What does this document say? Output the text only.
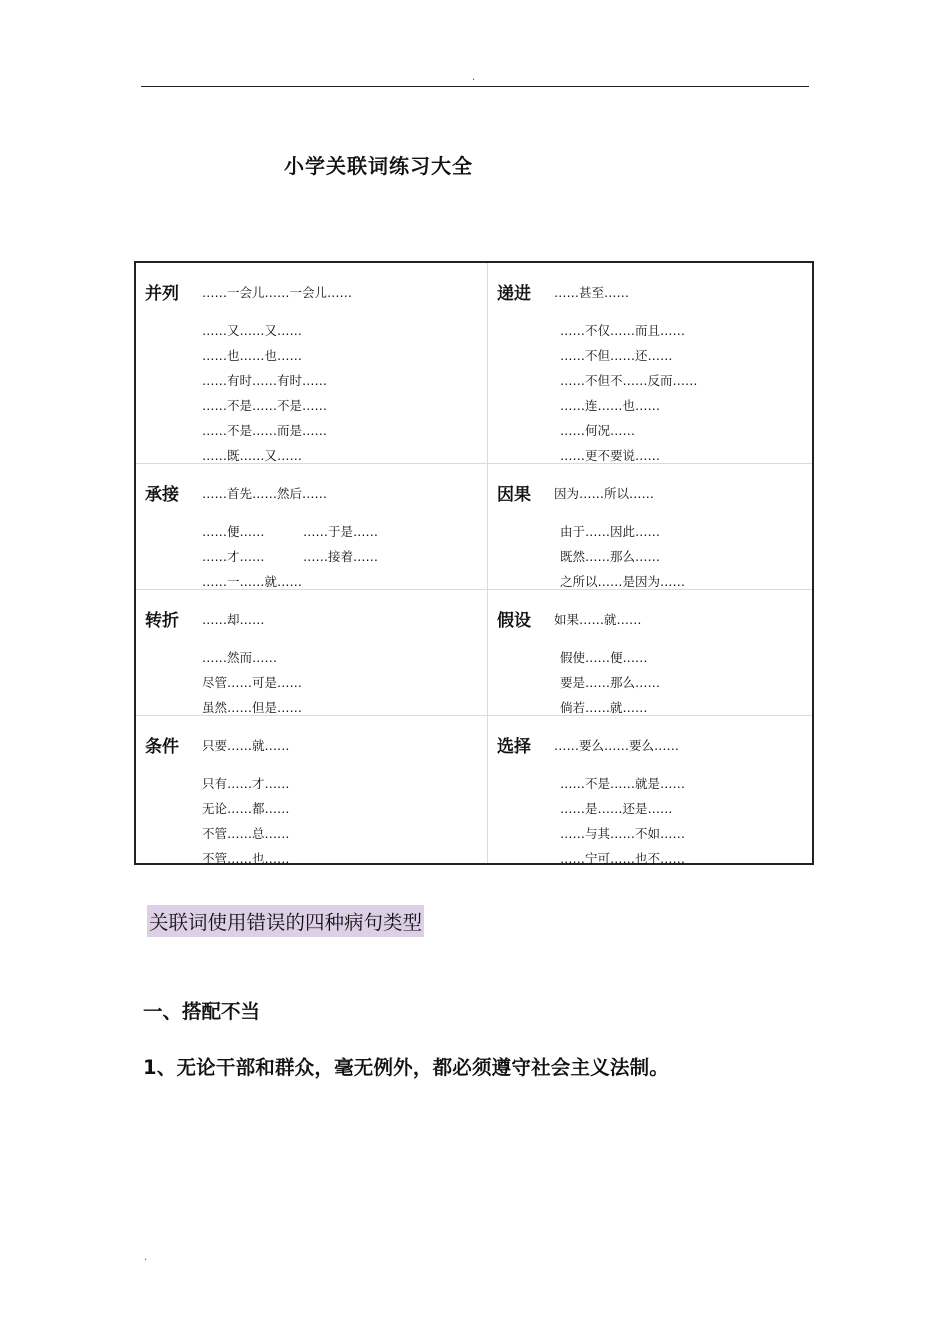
.
小学关联词练习大全
并列 ……一会儿……一会儿……
……又……又……
……也……也……
……有时……有时……
……不是……不是……
……不是……而是……
……既……又……
递进 ……甚至……
……不仅……而且……
……不但……还……
……不但不……反而……
……连……也……
……何况……
……更不要说……
承接 ……首先……然后……
……便……	……于是……
……才……	……接着……
……一……就……
因果 因为……所以……
由于……因此……
既然……那么……
之所以……是因为……
转折 ……却……
……然而……
尽管……可是……
虽然……但是……
假设 如果……就……
假使……便……
要是……那么……
倘若……就……
条件 只要……就……
只有……才……
无论……都……
不管……总……
不管……也……
选择 ……要么……要么……
……不是……就是……
……是……还是……
……与其……不如……
……宁可……也不……
关联词使用错误的四种病句类型
一、搭配不当
1、无论干部和群众，毫无例外，都必须遵守社会主义法制。
.
